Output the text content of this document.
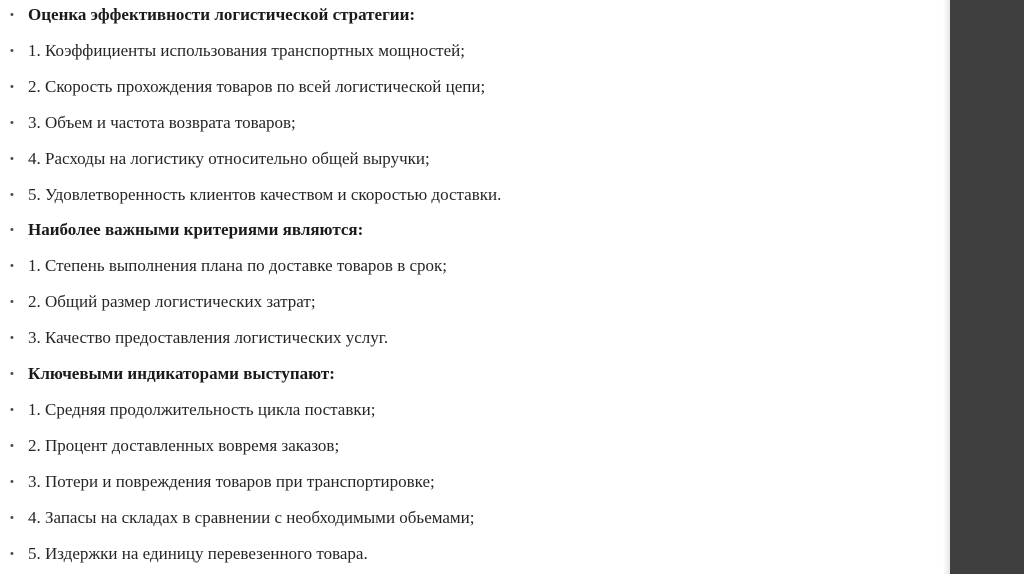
• Оценка эффективности логистической стратегии:
• 1. Коэффициенты использования транспортных мощностей;
• 2. Скорость прохождения товаров по всей логистической цепи;
• 3. Объем и частота возврата товаров;
• 4. Расходы на логистику относительно общей выручки;
• 5. Удовлетворенность клиентов качеством и скоростью доставки.
• Наиболее важными критериями являются:
• 1. Степень выполнения плана по доставке товаров в срок;
• 2. Общий размер логистических затрат;
• 3. Качество предоставления логистических услуг.
• Ключевыми индикаторами выступают:
• 1. Средняя продолжительность цикла поставки;
• 2. Процент доставленных вовремя заказов;
• 3. Потери и повреждения товаров при транспортировке;
• 4. Запасы на складах в сравнении с необходимыми обьемами;
• 5. Издержки на единицу перевезенного товара.
